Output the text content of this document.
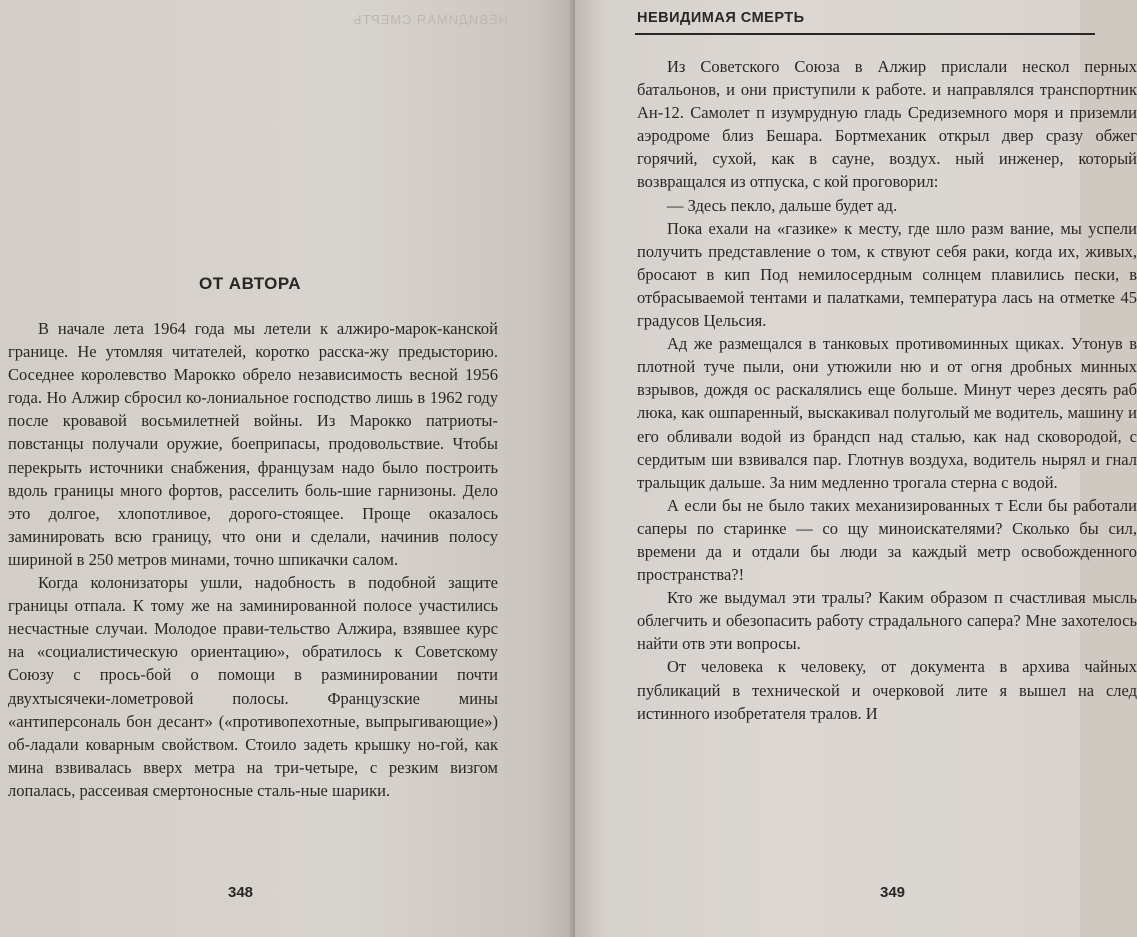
НЕВИДИМАЯ СМЕРТЬ
ОТ АВТОРА

В начале лета 1964 года мы летели к алжиро-марок-канской границе. Не утомляя читателей, коротко расска-жу предысторию. Соседнее королевство Марокко обрело независимость весной 1956 года. Но Алжир сбросил ко-лониальное господство лишь в 1962 году после кровавой восьмилетней войны. Из Марокко патриоты-повстанцы получали оружие, боеприпасы, продовольствие. Чтобы перекрыть источники снабжения, французам надо было построить вдоль границы много фортов, расселить боль-шие гарнизоны. Дело это долгое, хлопотливое, дорого-стоящее. Проще оказалось заминировать всю границу, что они и сделали, начинив полосу шириной в 250 метров минами, точно шпикачки салом.

Когда колонизаторы ушли, надобность в подобной защите границы отпала. К тому же на заминированной полосе участились несчастные случаи. Молодое прави-тельство Алжира, взявшее курс на «социалистическую ориентацию», обратилось к Советскому Союзу с прось-бой о помощи в разминировании почти двухтысячеки-лометровой полосы. Французские мины «антиперсональ бон десант» («противопехотные, выпрыгивающие») об-ладали коварным свойством. Стоило задеть крышку но-гой, как мина взвивалась вверх метра на три-четыре, с резким визгом лопалась, рассеивая смертоносные сталь-ные шарики.

348
НЕВИДИМАЯ СМЕРТЬ

Из Советского Союза в Алжир прислали нескол перных батальонов, и они приступили к работе. и направлялся транспортник Ан-12. Самолет п изумрудную гладь Средиземного моря и приземли аэродроме близ Бешара. Бортмеханик открыл двер сразу обжег горячий, сухой, как в сауне, воздух. ный инженер, который возвращался из отпуска, с кой проговорил:

— Здесь пекло, дальше будет ад.

Пока ехали на «газике» к месту, где шло разм вание, мы успели получить представление о том, к ствуют себя раки, когда их, живых, бросают в кип Под немилосердным солнцем плавились пески, в отбрасываемой тентами и палатками, температура лась на отметке 45 градусов Цельсия.

Ад же размещался в танковых противоминных щиках. Утонув в плотной туче пыли, они утюжили ню и от огня дробных минных взрывов, дождя ос раскалялись еще больше. Минут через десять раб люка, как ошпаренный, выскакивал полуголый ме водитель, машину и его обливали водой из брандсп над сталью, как над сковородой, с сердитым ши взвивался пар. Глотнув воздуха, водитель нырял и гнал тральщик дальше. За ним медленно трогала стерна с водой.

А если бы не было таких механизированных т Если бы работали саперы по старинке — со щу миноискателями? Сколько бы сил, времени да и отдали бы люди за каждый метр освобожденного пространства?!

Кто же выдумал эти тралы? Каким образом п счастливая мысль облегчить и обезопасить работу страдального сапера? Мне захотелось найти отв эти вопросы.

От человека к человеку, от документа в архива чайных публикаций в технической и очерковой лите я вышел на след истинного изобретателя тралов. И

349
